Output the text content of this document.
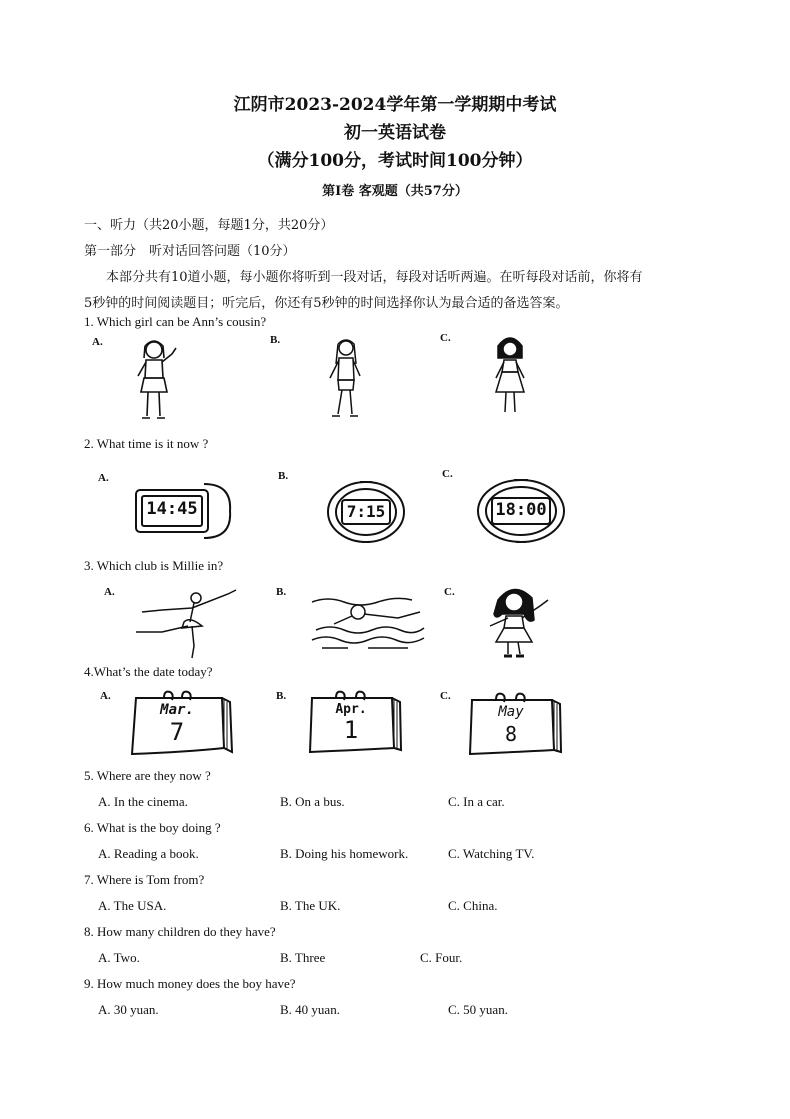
江阴市2023-2024学年第一学期期中考试
初一英语试卷
（满分100分，考试时间100分钟）
第Ⅰ卷 客观题（共57分）
一、听力（共20小题，每题1分，共20分）
第一部分　听对话回答问题（10分）
本部分共有10道小题，每小题你将听到一段对话，每段对话听两遍。在听每段对话前，你将有
5秒钟的时间阅读题目；听完后，你还有5秒钟的时间选择你认为最合适的备选答案。
1. Which girl can be Ann’s cousin?
A.	B.	C.
2. What time is it now ?
A.	B.	C.
14:45	7:15	18:00
3. Which club is Millie in?
A.	B.	C.
4.What’s the date today?
A.	B.	C.
Mar.
7
Apr.
1
May
8
5. Where are they now ?
A. In the cinema.	B. On a bus.	C. In a car.
6. What is the boy doing ?
A. Reading a book.	B. Doing his homework.	C. Watching TV.
7. Where is Tom from?
A. The USA.	B. The UK.	C. China.
8. How many children do they have?
A. Two.	B. Three	C. Four.
9. How much money does the boy have?
A. 30 yuan.	B. 40 yuan.	C. 50 yuan.
